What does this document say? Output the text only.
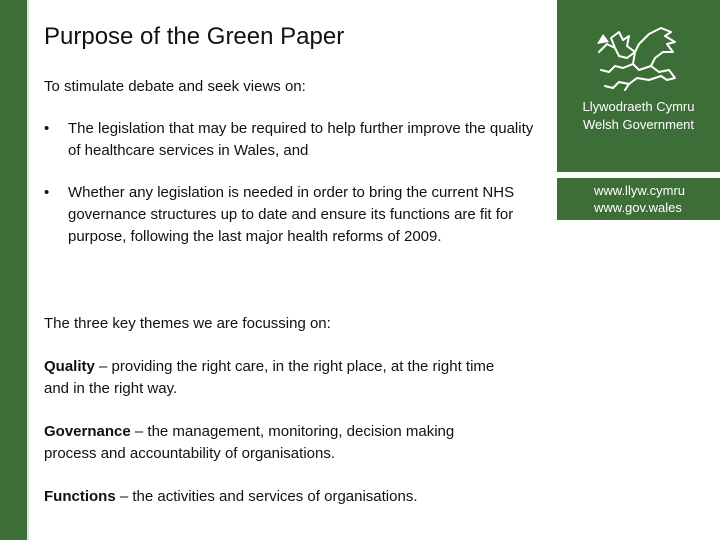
Purpose of the Green Paper
To stimulate debate and seek views on:
•	The legislation that may be required to help further improve the quality of healthcare services in Wales, and
•	Whether any legislation is needed in order to bring the current NHS governance structures up to date and ensure its functions are fit for purpose, following the last major health reforms of 2009.
The three key themes we are focussing on:
Quality – providing the right care, in the right place, at the right time and in the right way.
Governance – the management, monitoring, decision making process and accountability of organisations.
Functions – the activities and services of organisations.
Llywodraeth Cymru
Welsh Government
www.llyw.cymru
www.gov.wales
